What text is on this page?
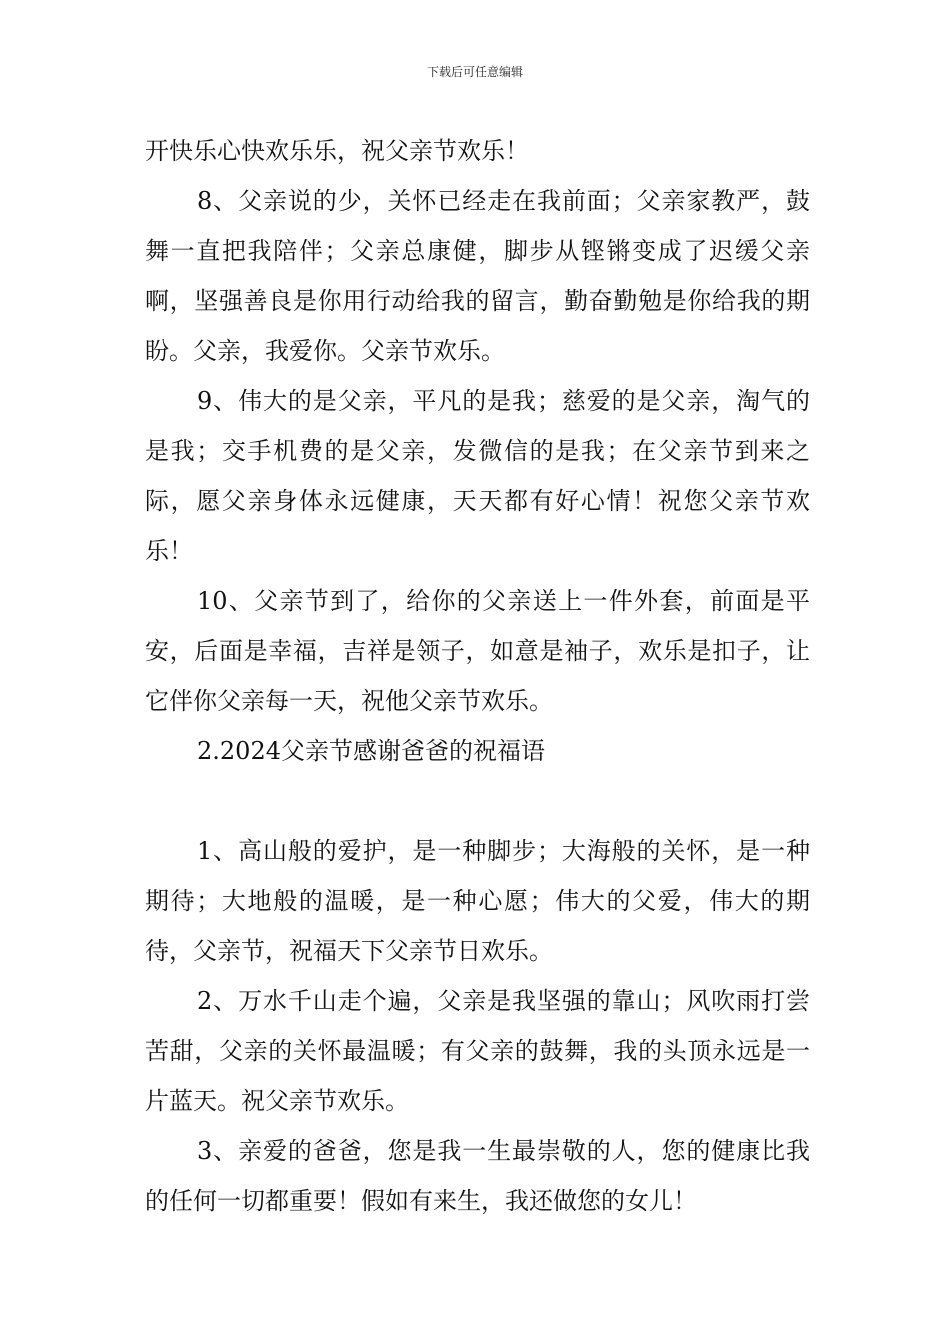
下载后可任意编辑

开快乐心快欢乐乐，祝父亲节欢乐！

8、父亲说的少，关怀已经走在我前面；父亲家教严，鼓舞一直把我陪伴；父亲总康健，脚步从铿锵变成了迟缓父亲啊，坚强善良是你用行动给我的留言，勤奋勤勉是你给我的期盼。父亲，我爱你。父亲节欢乐。

9、伟大的是父亲，平凡的是我；慈爱的是父亲，淘气的是我；交手机费的是父亲，发微信的是我；在父亲节到来之际，愿父亲身体永远健康，天天都有好心情！祝您父亲节欢乐！

10、父亲节到了，给你的父亲送上一件外套，前面是平安，后面是幸福，吉祥是领子，如意是袖子，欢乐是扣子，让它伴你父亲每一天，祝他父亲节欢乐。

2.2024父亲节感谢爸爸的祝福语

1、高山般的爱护，是一种脚步；大海般的关怀，是一种期待；大地般的温暖，是一种心愿；伟大的父爱，伟大的期待，父亲节，祝福天下父亲节日欢乐。

2、万水千山走个遍，父亲是我坚强的靠山；风吹雨打尝苦甜，父亲的关怀最温暖；有父亲的鼓舞，我的头顶永远是一片蓝天。祝父亲节欢乐。

3、亲爱的爸爸，您是我一生最崇敬的人，您的健康比我的任何一切都重要！假如有来生，我还做您的女儿！
